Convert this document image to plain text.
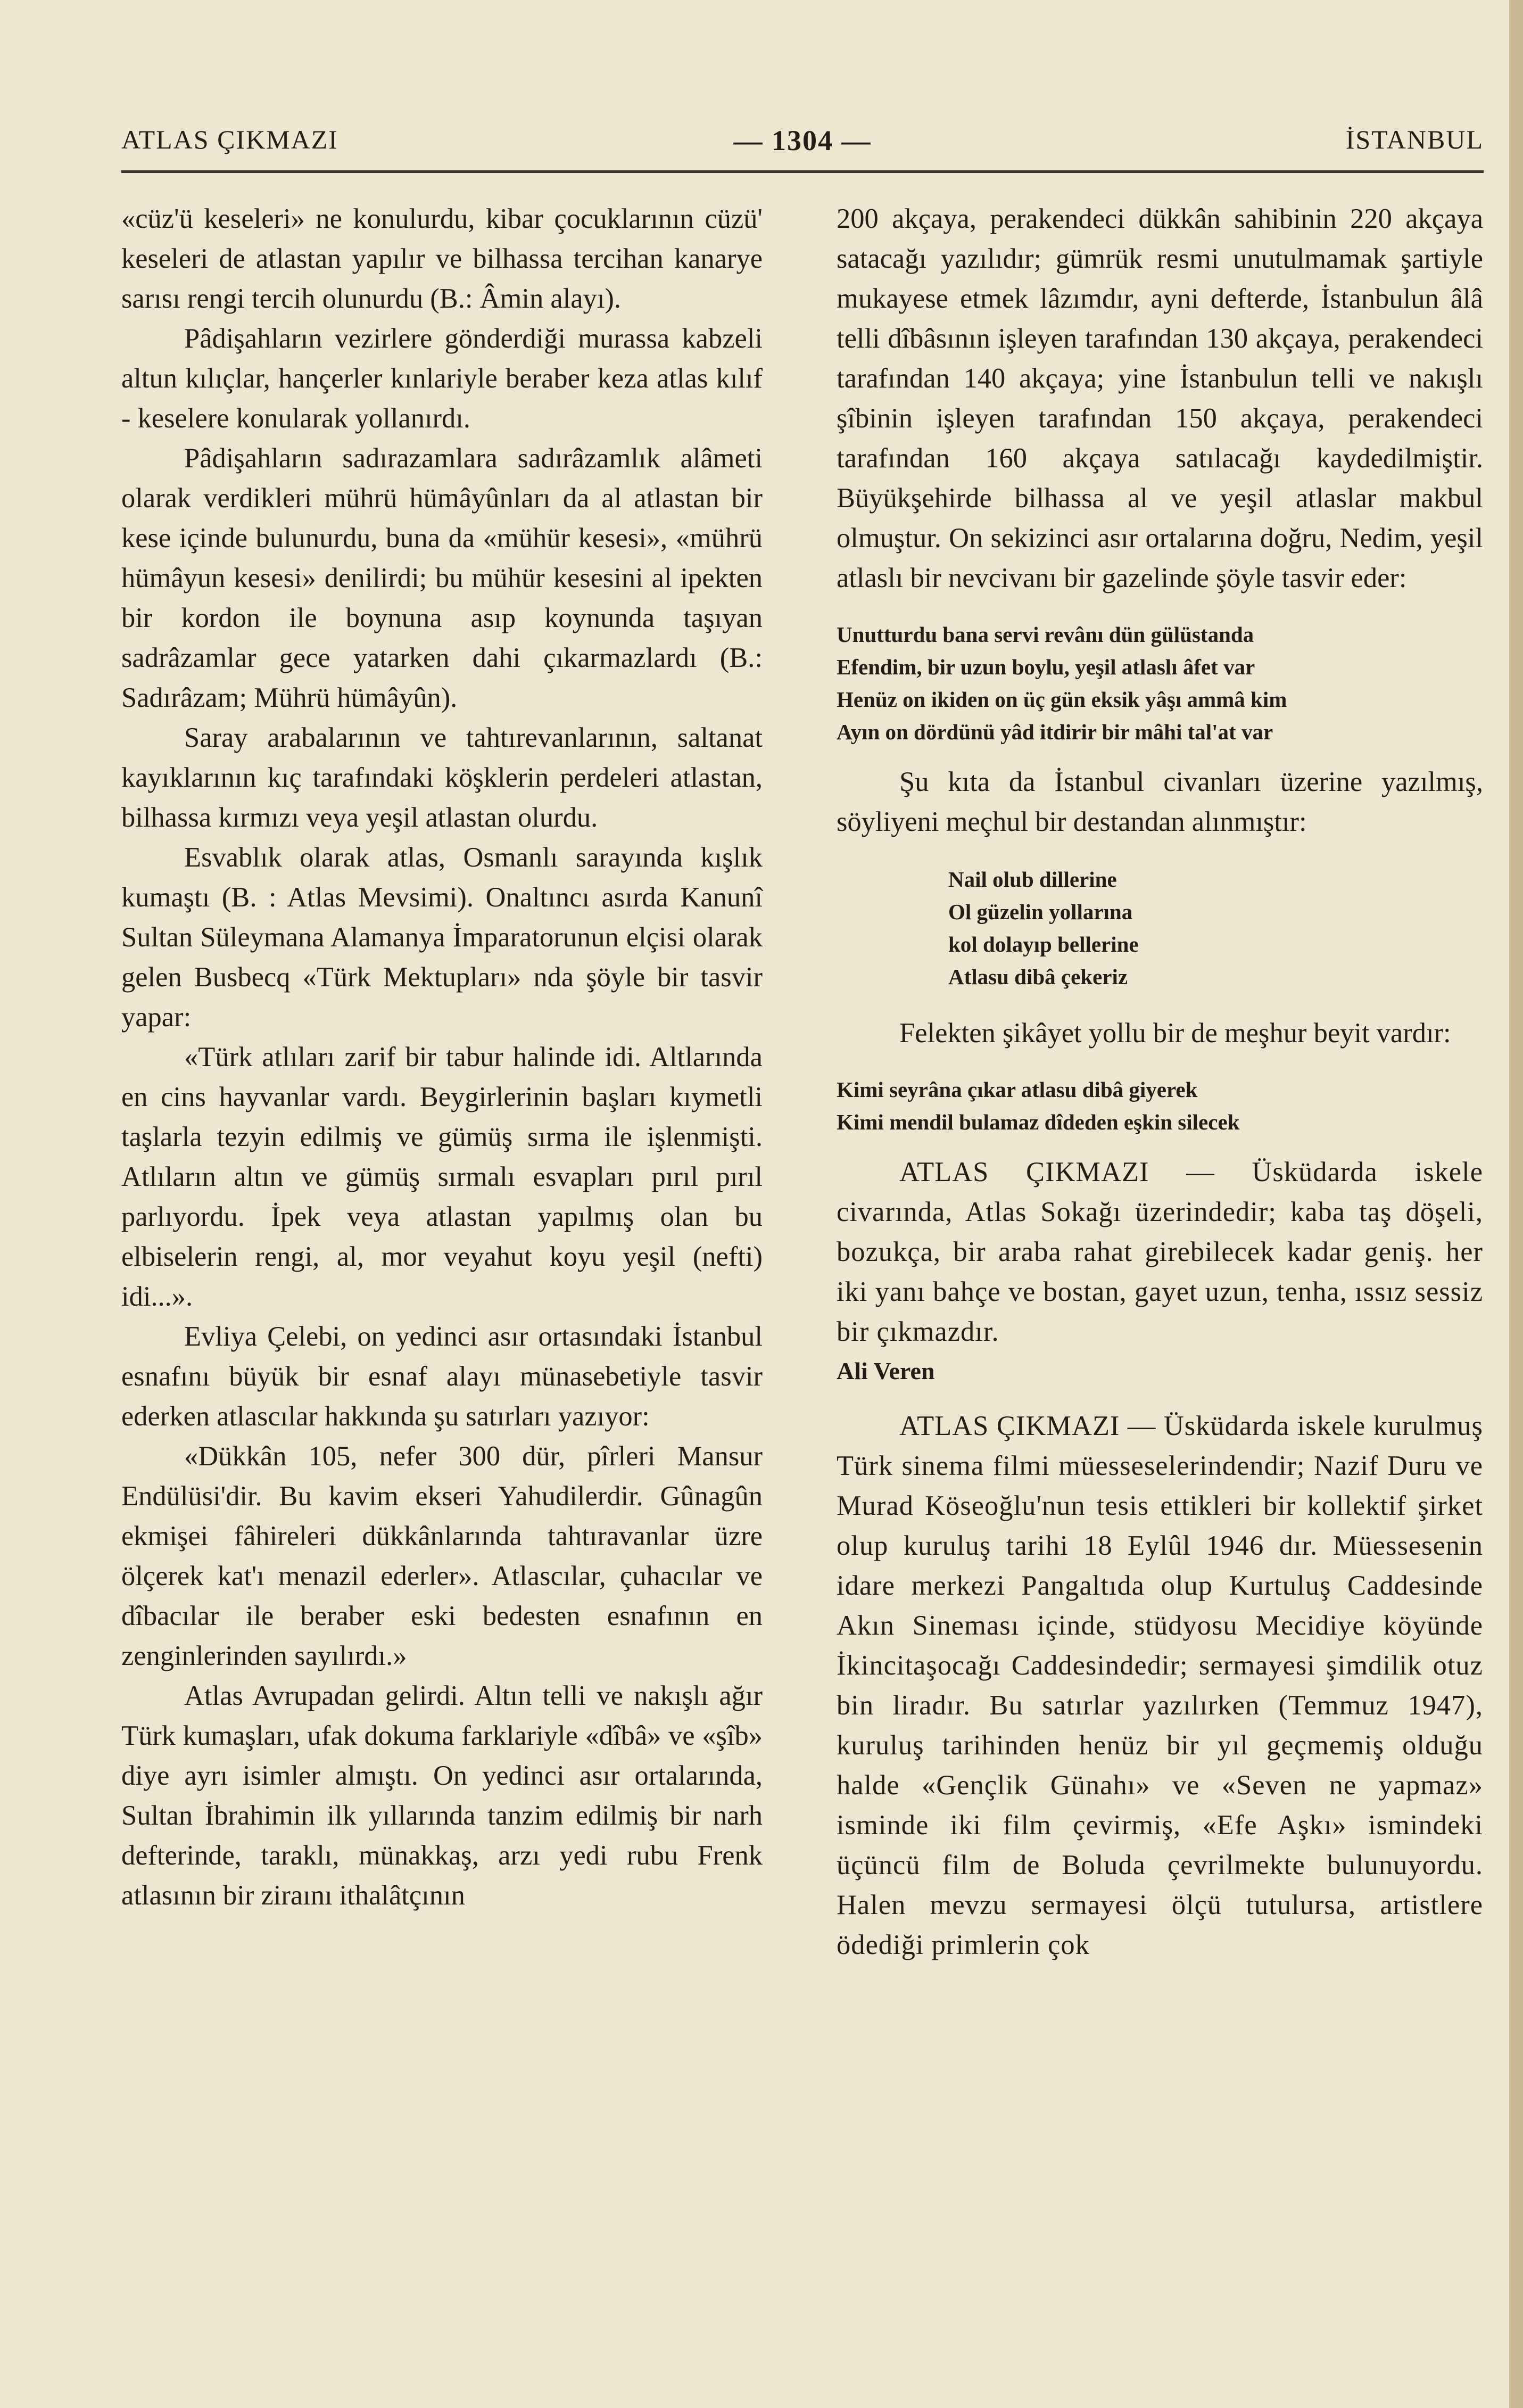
ATLAS ÇIKMAZI	— 1304 —	İSTANBUL

«cüz'ü keseleri» ne konulurdu, kibar çocuklarının cüzü' keseleri de atlastan yapılır ve bilhassa tercihan kanarye sarısı rengi tercih olunurdu (B.: Âmin alayı).

Pâdişahların vezirlere gönderdiği murassa kabzeli altun kılıçlar, hançerler kınlariyle beraber keza atlas kılıf - keselere konularak yollanırdı.

Pâdişahların sadırazamlara sadırâzamlık alâmeti olarak verdikleri mührü hümâyûnları da al atlastan bir kese içinde bulunurdu, buna da «mühür kesesi», «mührü hümâyun kesesi» denilirdi; bu mühür kesesini al ipekten bir kordon ile boynuna asıp koynunda taşıyan sadrâzamlar gece yatarken dahi çıkarmazlardı (B.: Sadırâzam; Mührü hümâyûn).

Saray arabalarının ve tahtırevanlarının, saltanat kayıklarının kıç tarafındaki köşklerin perdeleri atlastan, bilhassa kırmızı veya yeşil atlastan olurdu.

Esvablık olarak atlas, Osmanlı sarayında kışlık kumaştı (B. : Atlas Mevsimi). Onaltıncı asırda Kanunî Sultan Süleymana Alamanya İmparatorunun elçisi olarak gelen Busbecq «Türk Mektupları» nda şöyle bir tasvir yapar:

«Türk atlıları zarif bir tabur halinde idi. Altlarında en cins hayvanlar vardı. Beygirlerinin başları kıymetli taşlarla tezyin edilmiş ve gümüş sırma ile işlenmişti. Atlıların altın ve gümüş sırmalı esvapları pırıl pırıl parlıyordu. İpek veya atlastan yapılmış olan bu elbiselerin rengi, al, mor veyahut koyu yeşil (nefti) idi...».

Evliya Çelebi, on yedinci asır ortasındaki İstanbul esnafını büyük bir esnaf alayı münasebetiyle tasvir ederken atlascılar hakkında şu satırları yazıyor:

«Dükkân 105, nefer 300 dür, pîrleri Mansur Endülüsi'dir. Bu kavim ekseri Yahudilerdir. Gûnagûn ekmişei fâhireleri dükkânlarında tahtıravanlar üzre ölçerek kat'ı menazil ederler». Atlascılar, çuhacılar ve dîbacılar ile beraber eski bedesten esnafının en zenginlerinden sayılırdı.»

Atlas Avrupadan gelirdi. Altın telli ve nakışlı ağır Türk kumaşları, ufak dokuma farklariyle «dîbâ» ve «şîb» diye ayrı isimler almıştı. On yedinci asır ortalarında, Sultan İbrahimin ilk yıllarında tanzim edilmiş bir narh defterinde, taraklı, münakkaş, arzı yedi rubu Frenk atlasının bir ziraını ithalâtçının

200 akçaya, perakendeci dükkân sahibinin 220 akçaya satacağı yazılıdır; gümrük resmi unutulmamak şartiyle mukayese etmek lâzımdır, ayni defterde, İstanbulun âlâ telli dîbâsının işleyen tarafından 130 akçaya, perakendeci tarafından 140 akçaya; yine İstanbulun telli ve nakışlı şîbinin işleyen tarafından 150 akçaya, perakendeci tarafından 160 akçaya satılacağı kaydedilmiştir. Büyükşehirde bilhassa al ve yeşil atlaslar makbul olmuştur. On sekizinci asır ortalarına doğru, Nedim, yeşil atlaslı bir nevcivanı bir gazelinde şöyle tasvir eder:

Unutturdu bana servi revânı dün gülüstanda
Efendim, bir uzun boylu, yeşil atlaslı âfet var
Henüz on ikiden on üç gün eksik yâşı ammâ kim
Ayın on dördünü yâd itdirir bir mâhi tal'at var

Şu kıta da İstanbul civanları üzerine yazılmış, söyliyeni meçhul bir destandan alınmıştır:

Nail olub dillerine
Ol güzelin yollarına
kol dolayıp bellerine
Atlasu dibâ çekeriz

Felekten şikâyet yollu bir de meşhur beyit vardır:

Kimi seyrâna çıkar atlasu dibâ giyerek
Kimi mendil bulamaz dîdeden eşkin silecek

ATLAS ÇIKMAZI — Üsküdarda iskele civarında, Atlas Sokağı üzerindedir; kaba taş döşeli, bozukça, bir araba rahat girebilecek kadar geniş. her iki yanı bahçe ve bostan, gayet uzun, tenha, ıssız sessiz bir çıkmazdır.

Ali Veren

ATLAS ÇIKMAZI — Üsküdarda iskele kurulmuş Türk sinema filmi müesseselerindendir; Nazif Duru ve Murad Köseoğlu'nun tesis ettikleri bir kollektif şirket olup kuruluş tarihi 18 Eylûl 1946 dır. Müessesenin idare merkezi Pangaltıda olup Kurtuluş Caddesinde Akın Sineması içinde, stüdyosu Mecidiye köyünde İkincitaşocağı Caddesindedir; sermayesi şimdilik otuz bin liradır. Bu satırlar yazılırken (Temmuz 1947), kuruluş tarihinden henüz bir yıl geçmemiş olduğu halde «Gençlik Günahı» ve «Seven ne yapmaz» isminde iki film çevirmiş, «Efe Aşkı» ismindeki üçüncü film de Boluda çevrilmekte bulunuyordu. Halen mevzu sermayesi ölçü tutulursa, artistlere ödediği primlerin çok
